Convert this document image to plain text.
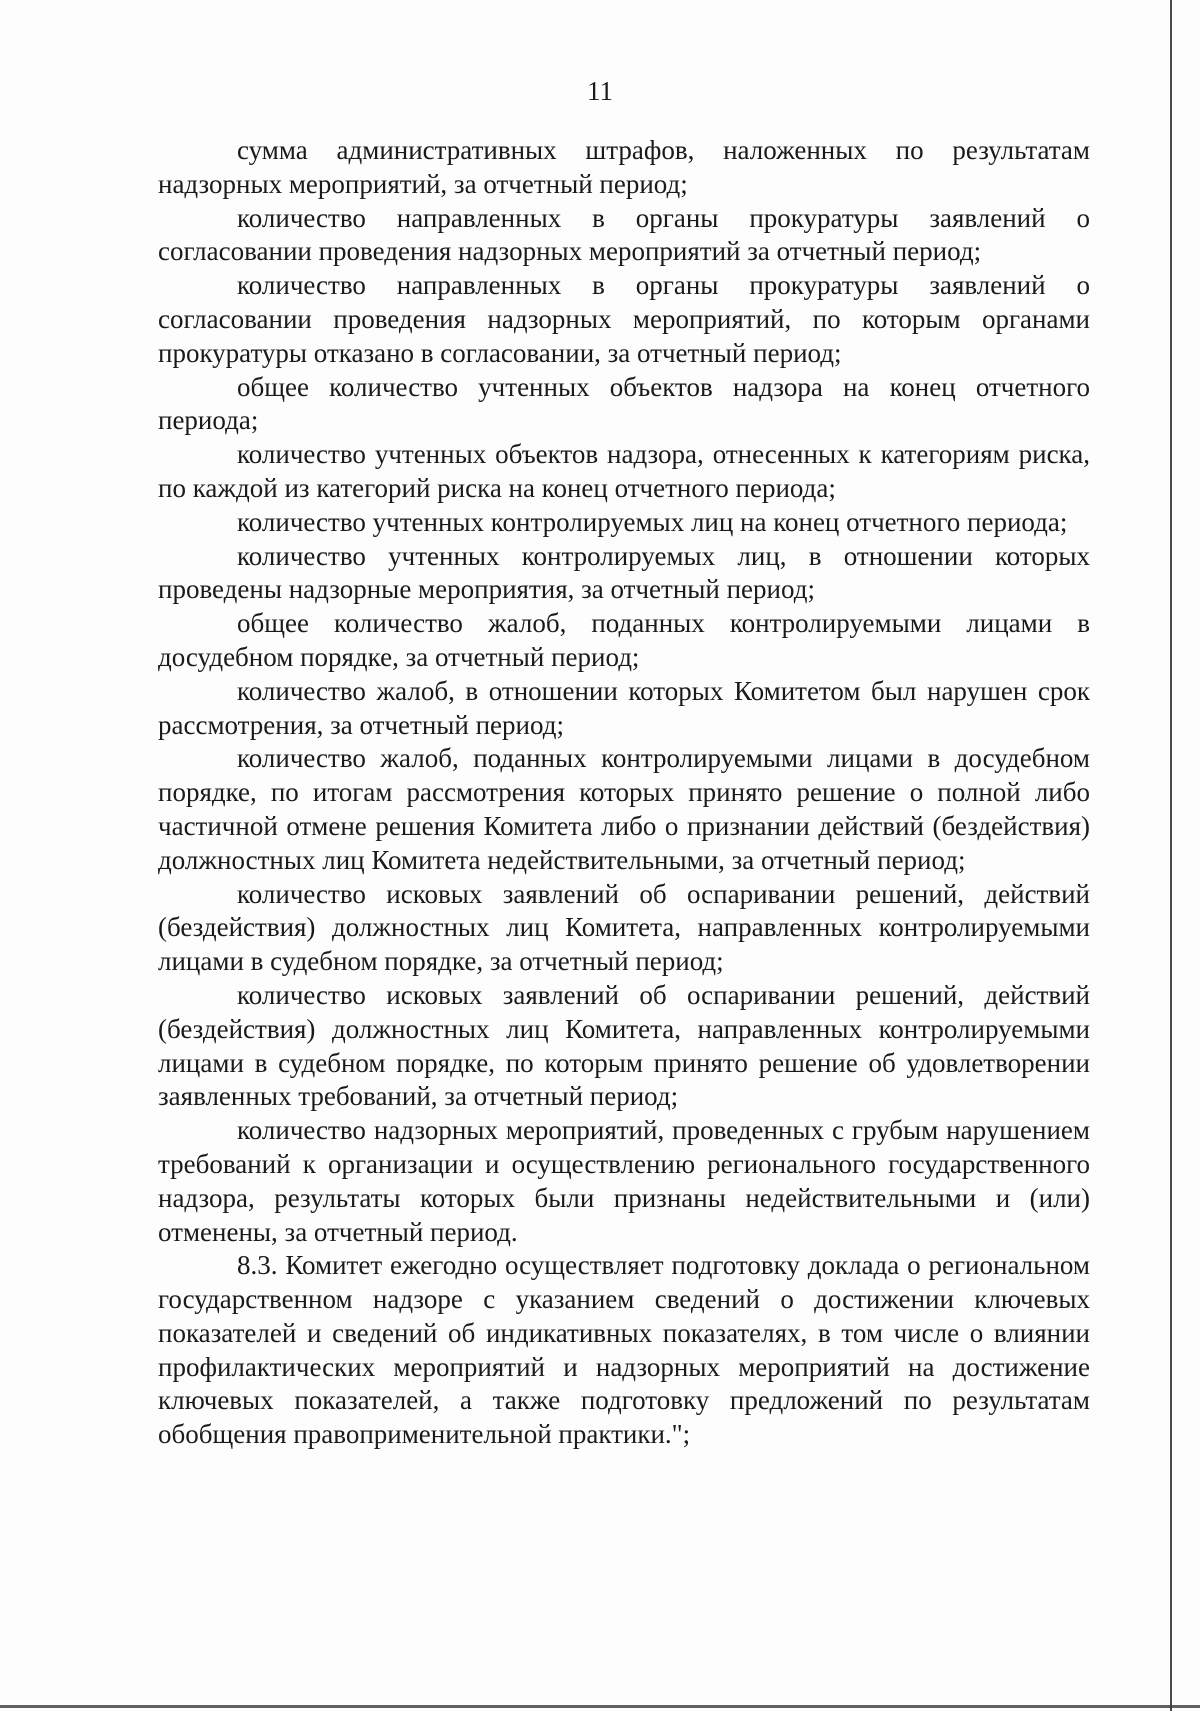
11

сумма административных штрафов, наложенных по результатам надзорных мероприятий, за отчетный период;

количество направленных в органы прокуратуры заявлений о согласовании проведения надзорных мероприятий за отчетный период;

количество направленных в органы прокуратуры заявлений о согласовании проведения надзорных мероприятий, по которым органами прокуратуры отказано в согласовании, за отчетный период;

общее количество учтенных объектов надзора на конец отчетного периода;

количество учтенных объектов надзора, отнесенных к категориям риска, по каждой из категорий риска на конец отчетного периода;

количество учтенных контролируемых лиц на конец отчетного периода;

количество учтенных контролируемых лиц, в отношении которых проведены надзорные мероприятия, за отчетный период;

общее количество жалоб, поданных контролируемыми лицами в досудебном порядке, за отчетный период;

количество жалоб, в отношении которых Комитетом был нарушен срок рассмотрения, за отчетный период;

количество жалоб, поданных контролируемыми лицами в досудебном порядке, по итогам рассмотрения которых принято решение о полной либо частичной отмене решения Комитета либо о признании действий (бездействия) должностных лиц Комитета недействительными, за отчетный период;

количество исковых заявлений об оспаривании решений, действий (бездействия) должностных лиц Комитета, направленных контролируемыми лицами в судебном порядке, за отчетный период;

количество исковых заявлений об оспаривании решений, действий (бездействия) должностных лиц Комитета, направленных контролируемыми лицами в судебном порядке, по которым принято решение об удовлетворении заявленных требований, за отчетный период;

количество надзорных мероприятий, проведенных с грубым нарушением требований к организации и осуществлению регионального государственного надзора, результаты которых были признаны недействительными и (или) отменены, за отчетный период.

8.3. Комитет ежегодно осуществляет подготовку доклада о региональном государственном надзоре с указанием сведений о достижении ключевых показателей и сведений об индикативных показателях, в том числе о влиянии профилактических мероприятий и надзорных мероприятий на достижение ключевых показателей, а также подготовку предложений по результатам обобщения правоприменительной практики.";
